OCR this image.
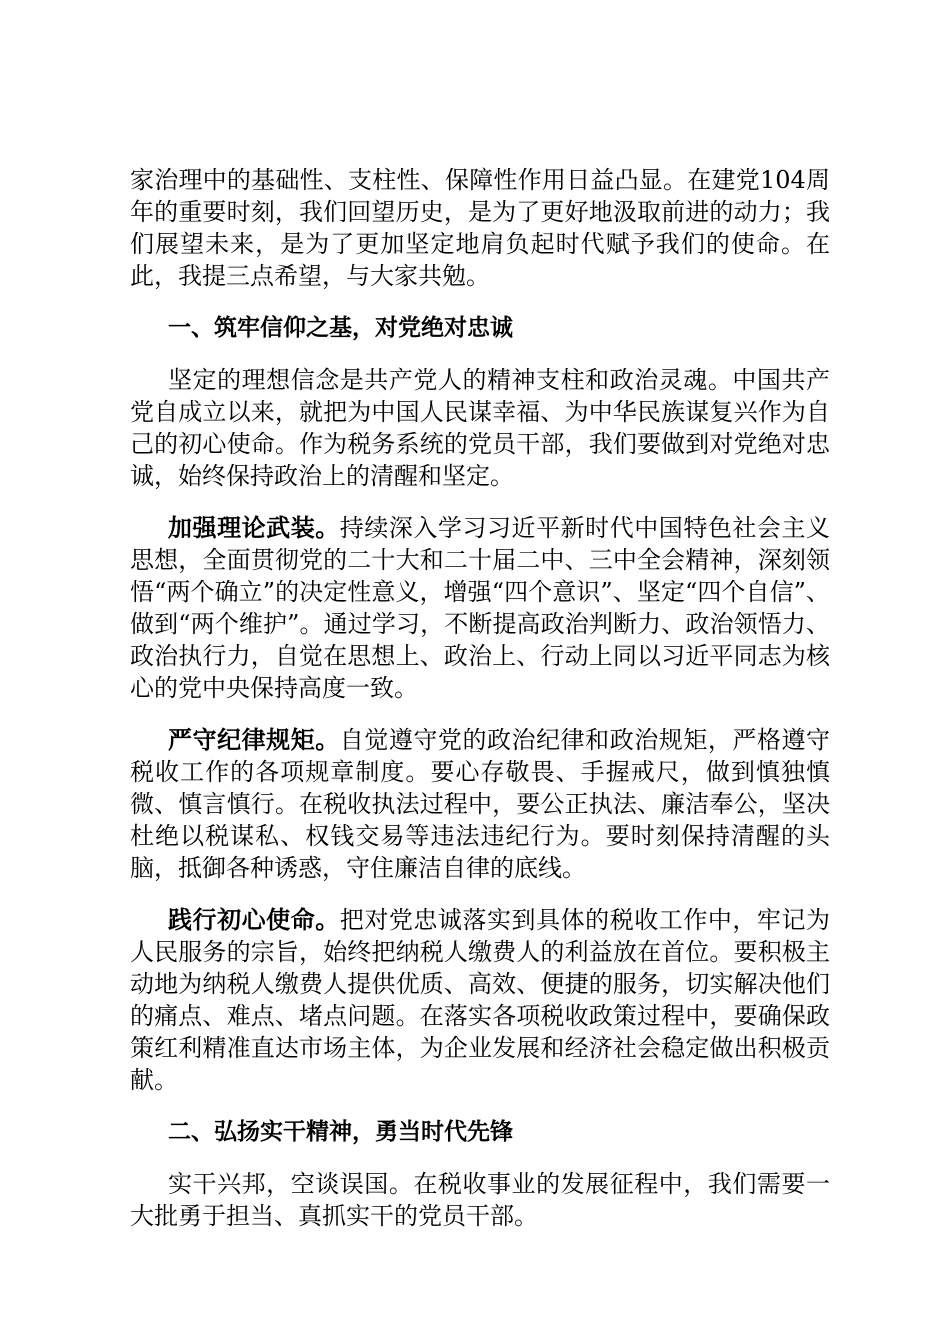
家治理中的基础性、支柱性、保障性作用日益凸显。在建党104周年的重要时刻，我们回望历史，是为了更好地汲取前进的动力；我们展望未来，是为了更加坚定地肩负起时代赋予我们的使命。在此，我提三点希望，与大家共勉。

一、筑牢信仰之基，对党绝对忠诚

坚定的理想信念是共产党人的精神支柱和政治灵魂。中国共产党自成立以来，就把为中国人民谋幸福、为中华民族谋复兴作为自己的初心使命。作为税务系统的党员干部，我们要做到对党绝对忠诚，始终保持政治上的清醒和坚定。

加强理论武装。持续深入学习习近平新时代中国特色社会主义思想，全面贯彻党的二十大和二十届二中、三中全会精神，深刻领悟“两个确立”的决定性意义，增强“四个意识”、坚定“四个自信”、做到“两个维护”。通过学习，不断提高政治判断力、政治领悟力、政治执行力，自觉在思想上、政治上、行动上同以习近平同志为核心的党中央保持高度一致。

严守纪律规矩。自觉遵守党的政治纪律和政治规矩，严格遵守税收工作的各项规章制度。要心存敬畏、手握戒尺，做到慎独慎微、慎言慎行。在税收执法过程中，要公正执法、廉洁奉公，坚决杜绝以税谋私、权钱交易等违法违纪行为。要时刻保持清醒的头脑，抵御各种诱惑，守住廉洁自律的底线。

践行初心使命。把对党忠诚落实到具体的税收工作中，牢记为人民服务的宗旨，始终把纳税人缴费人的利益放在首位。要积极主动地为纳税人缴费人提供优质、高效、便捷的服务，切实解决他们的痛点、难点、堵点问题。在落实各项税收政策过程中，要确保政策红利精准直达市场主体，为企业发展和经济社会稳定做出积极贡献。

二、弘扬实干精神，勇当时代先锋

实干兴邦，空谈误国。在税收事业的发展征程中，我们需要一大批勇于担当、真抓实干的党员干部。
